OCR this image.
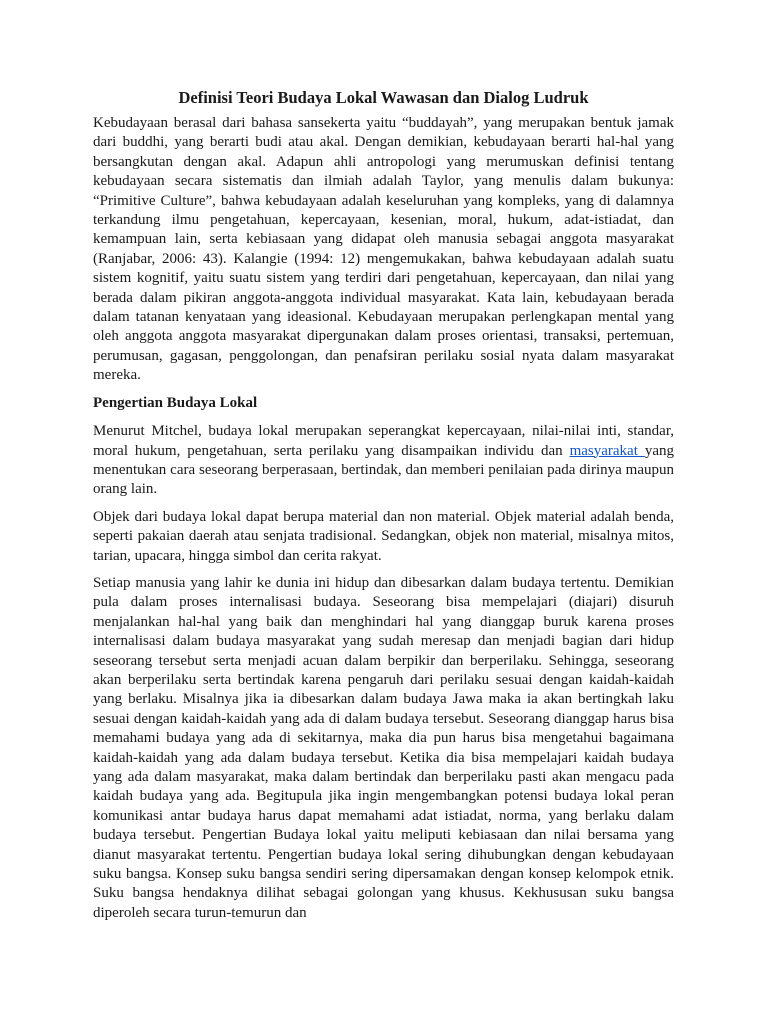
Definisi Teori Budaya Lokal Wawasan dan Dialog Ludruk

Kebudayaan berasal dari bahasa sansekerta yaitu “buddayah”, yang merupakan bentuk jamak dari buddhi, yang berarti budi atau akal. Dengan demikian, kebudayaan berarti hal-hal yang bersangkutan dengan akal. Adapun ahli antropologi yang merumuskan definisi tentang kebudayaan secara sistematis dan ilmiah adalah Taylor, yang menulis dalam bukunya: “Primitive Culture”, bahwa kebudayaan adalah keseluruhan yang kompleks, yang di dalamnya terkandung ilmu pengetahuan, kepercayaan, kesenian, moral, hukum, adat-istiadat, dan kemampuan lain, serta kebiasaan yang didapat oleh manusia sebagai anggota masyarakat (Ranjabar, 2006: 43). Kalangie (1994: 12) mengemukakan, bahwa kebudayaan adalah suatu sistem kognitif, yaitu suatu sistem yang terdiri dari pengetahuan, kepercayaan, dan nilai yang berada dalam pikiran anggota-anggota individual masyarakat. Kata lain, kebudayaan berada dalam tatanan kenyataan yang ideasional. Kebudayaan merupakan perlengkapan mental yang oleh anggota anggota masyarakat dipergunakan dalam proses orientasi, transaksi, pertemuan, perumusan, gagasan, penggolongan, dan penafsiran perilaku sosial nyata dalam masyarakat mereka.

Pengertian Budaya Lokal

Menurut Mitchel, budaya lokal merupakan seperangkat kepercayaan, nilai-nilai inti, standar, moral hukum, pengetahuan, serta perilaku yang disampaikan individu dan masyarakat yang menentukan cara seseorang berperasaan, bertindak, dan memberi penilaian pada dirinya maupun orang lain.

Objek dari budaya lokal dapat berupa material dan non material. Objek material adalah benda, seperti pakaian daerah atau senjata tradisional. Sedangkan, objek non material, misalnya mitos, tarian, upacara, hingga simbol dan cerita rakyat.

Setiap manusia yang lahir ke dunia ini hidup dan dibesarkan dalam budaya tertentu. Demikian pula dalam proses internalisasi budaya. Seseorang bisa mempelajari (diajari) disuruh menjalankan hal-hal yang baik dan menghindari hal yang dianggap buruk karena proses internalisasi dalam budaya masyarakat yang sudah meresap dan menjadi bagian dari hidup seseorang tersebut serta menjadi acuan dalam berpikir dan berperilaku. Sehingga, seseorang akan berperilaku serta bertindak karena pengaruh dari perilaku sesuai dengan kaidah-kaidah yang berlaku. Misalnya jika ia dibesarkan dalam budaya Jawa maka ia akan bertingkah laku sesuai dengan kaidah-kaidah yang ada di dalam budaya tersebut. Seseorang dianggap harus bisa memahami budaya yang ada di sekitarnya, maka dia pun harus bisa mengetahui bagaimana kaidah-kaidah yang ada dalam budaya tersebut. Ketika dia bisa mempelajari kaidah budaya yang ada dalam masyarakat, maka dalam bertindak dan berperilaku pasti akan mengacu pada kaidah budaya yang ada. Begitupula jika ingin mengembangkan potensi budaya lokal peran komunikasi antar budaya harus dapat memahami adat istiadat, norma, yang berlaku dalam budaya tersebut. Pengertian Budaya lokal yaitu meliputi kebiasaan dan nilai bersama yang dianut masyarakat tertentu. Pengertian budaya lokal sering dihubungkan dengan kebudayaan suku bangsa. Konsep suku bangsa sendiri sering dipersamakan dengan konsep kelompok etnik. Suku bangsa hendaknya dilihat sebagai golongan yang khusus. Kekhususan suku bangsa diperoleh secara turun-temurun dan
